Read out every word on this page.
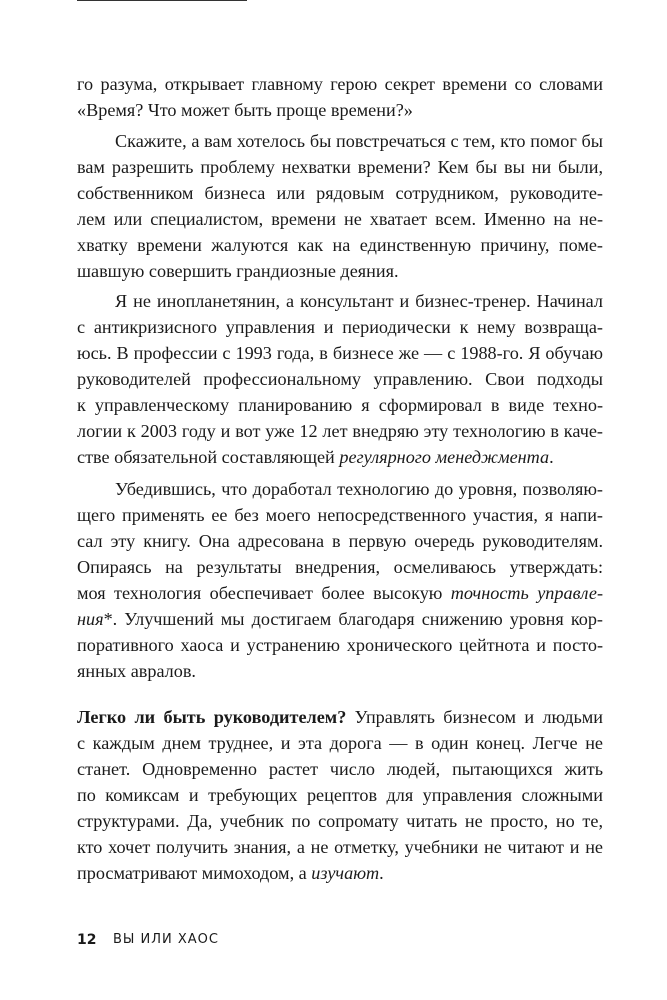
го разума, открывает главному герою секрет времени со словами
«Время? Что может быть проще времени?»
Скажите, а вам хотелось бы повстречаться с тем, кто помог бы
вам разрешить проблему нехватки времени? Кем бы вы ни были,
собственником бизнеса или рядовым сотрудником, руководите-
лем или специалистом, времени не хватает всем. Именно на не-
хватку времени жалуются как на единственную причину, поме-
шавшую совершить грандиозные деяния.
Я не инопланетянин, а консультант и бизнес-тренер. Начинал
с антикризисного управления и периодически к нему возвраща-
юсь. В профессии с 1993 года, в бизнесе же — с 1988-го. Я обучаю
руководителей профессиональному управлению. Свои подходы
к управленческому планированию я сформировал в виде техно-
логии к 2003 году и вот уже 12 лет внедряю эту технологию в каче-
стве обязательной составляющей регулярного менеджмента.
Убедившись, что доработал технологию до уровня, позволяю-
щего применять ее без моего непосредственного участия, я напи-
сал эту книгу. Она адресована в первую очередь руководителям.
Опираясь на результаты внедрения, осмеливаюсь утверждать:
моя технология обеспечивает более высокую точность управле-
ния*. Улучшений мы достигаем благодаря снижению уровня кор-
поративного хаоса и устранению хронического цейтнота и посто-
янных авралов.
Легко ли быть руководителем? Управлять бизнесом и людьми
с каждым днем труднее, и эта дорога — в один конец. Легче не
станет. Одновременно растет число людей, пытающихся жить
по комиксам и требующих рецептов для управления сложными
структурами. Да, учебник по сопромату читать не просто, но те,
кто хочет получить знания, а не отметку, учебники не читают и не
просматривают мимоходом, а изучают.
12 ВЫ ИЛИ ХАОС
